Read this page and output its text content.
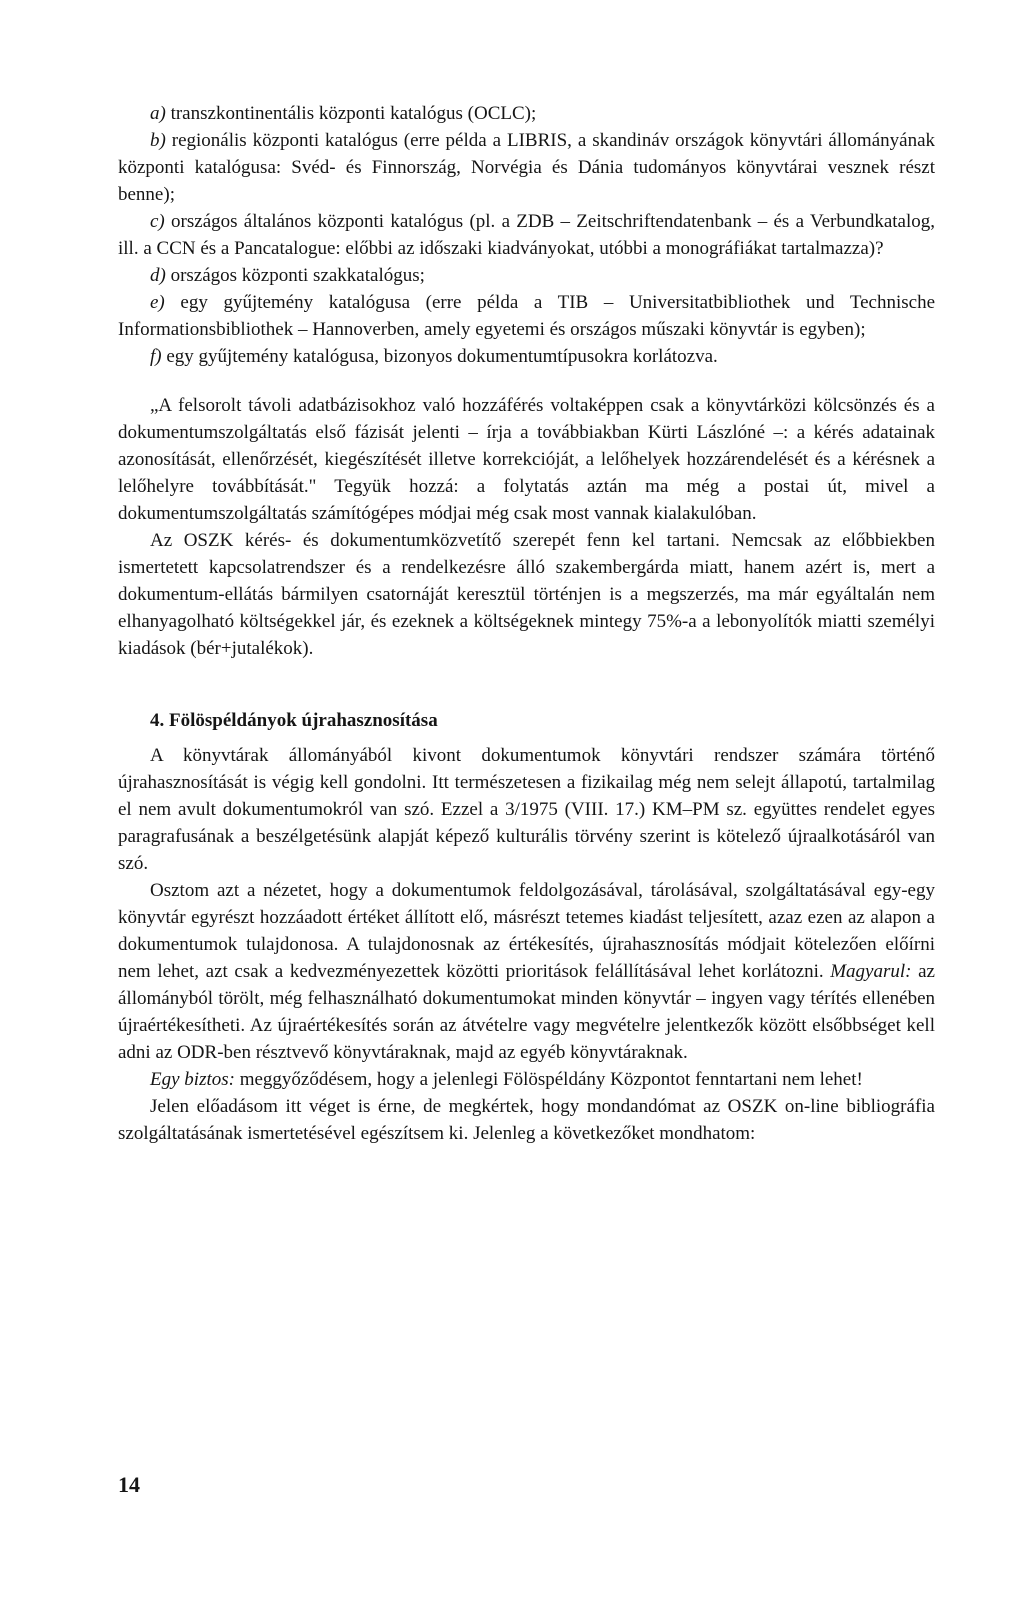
a) transzkontinentális központi katalógus (OCLC);

b) regionális központi katalógus (erre példa a LIBRIS, a skandináv országok könyvtári állományának központi katalógusa: Svéd- és Finnország, Norvégia és Dánia tudományos könyvtárai vesznek részt benne);

c) országos általános központi katalógus (pl. a ZDB – Zeitschriftendatenbank – és a Verbundkatalog, ill. a CCN és a Pancatalogue: előbbi az időszaki kiadványokat, utóbbi a monográfiákat tartalmazza)?

d) országos központi szakkatalógus;

e) egy gyűjtemény katalógusa (erre példa a TIB – Universitatbibliothek und Technische Informationsbibliothek – Hannoverben, amely egyetemi és országos műszaki könyvtár is egyben);

f) egy gyűjtemény katalógusa, bizonyos dokumentumtípusokra korlátozva.

„A felsorolt távoli adatbázisokhoz való hozzáférés voltaképpen csak a könyvtárközi kölcsönzés és a dokumentumszolgáltatás első fázisát jelenti – írja a továbbiakban Kürti Lászlóné –: a kérés adatainak azonosítását, ellenőrzését, kiegészítését illetve korrekcióját, a lelőhelyek hozzárendelését és a kérésnek a lelőhelyre továbbítását." Tegyük hozzá: a folytatás aztán ma még a postai út, mivel a dokumentumszolgáltatás számítógépes módjai még csak most vannak kialakulóban.

Az OSZK kérés- és dokumentumközvetítő szerepét fenn kel tartani. Nemcsak az előbbiekben ismertetett kapcsolatrendszer és a rendelkezésre álló szakembergárda miatt, hanem azért is, mert a dokumentum-ellátás bármilyen csatornáját keresztül történjen is a megszerzés, ma már egyáltalán nem elhanyagolható költségekkel jár, és ezeknek a költségeknek mintegy 75%-a a lebonyolítók miatti személyi kiadások (bér+jutalékok).

4. Fölöspéldányok újrahasznosítása

A könyvtárak állományából kivont dokumentumok könyvtári rendszer számára történő újrahasznosítását is végig kell gondolni. Itt természetesen a fizikailag még nem selejt állapotú, tartalmilag el nem avult dokumentumokról van szó. Ezzel a 3/1975 (VIII. 17.) KM–PM sz. együttes rendelet egyes paragrafusának a beszélgetésünk alapját képező kulturális törvény szerint is kötelező újraalkotásáról van szó.

Osztom azt a nézetet, hogy a dokumentumok feldolgozásával, tárolásával, szolgáltatásával egy-egy könyvtár egyrészt hozzáadott értéket állított elő, másrészt tetemes kiadást teljesített, azaz ezen az alapon a dokumentumok tulajdonosa. A tulajdonosnak az értékesítés, újrahasznosítás módjait kötelezően előírni nem lehet, azt csak a kedvezményezettek közötti prioritások felállításával lehet korlátozni. Magyarul: az állományból törölt, még felhasználható dokumentumokat minden könyvtár – ingyen vagy térítés ellenében újraértékesítheti. Az újraértékesítés során az átvételre vagy megvételre jelentkezők között elsőbbséget kell adni az ODR-ben résztvevő könyvtáraknak, majd az egyéb könyvtáraknak.

Egy biztos: meggyőződésem, hogy a jelenlegi Fölöspéldány Központot fenntartani nem lehet!

Jelen előadásom itt véget is érne, de megkértek, hogy mondandómat az OSZK on-line bibliográfia szolgáltatásának ismertetésével egészítsem ki. Jelenleg a következőket mondhatom:

14
